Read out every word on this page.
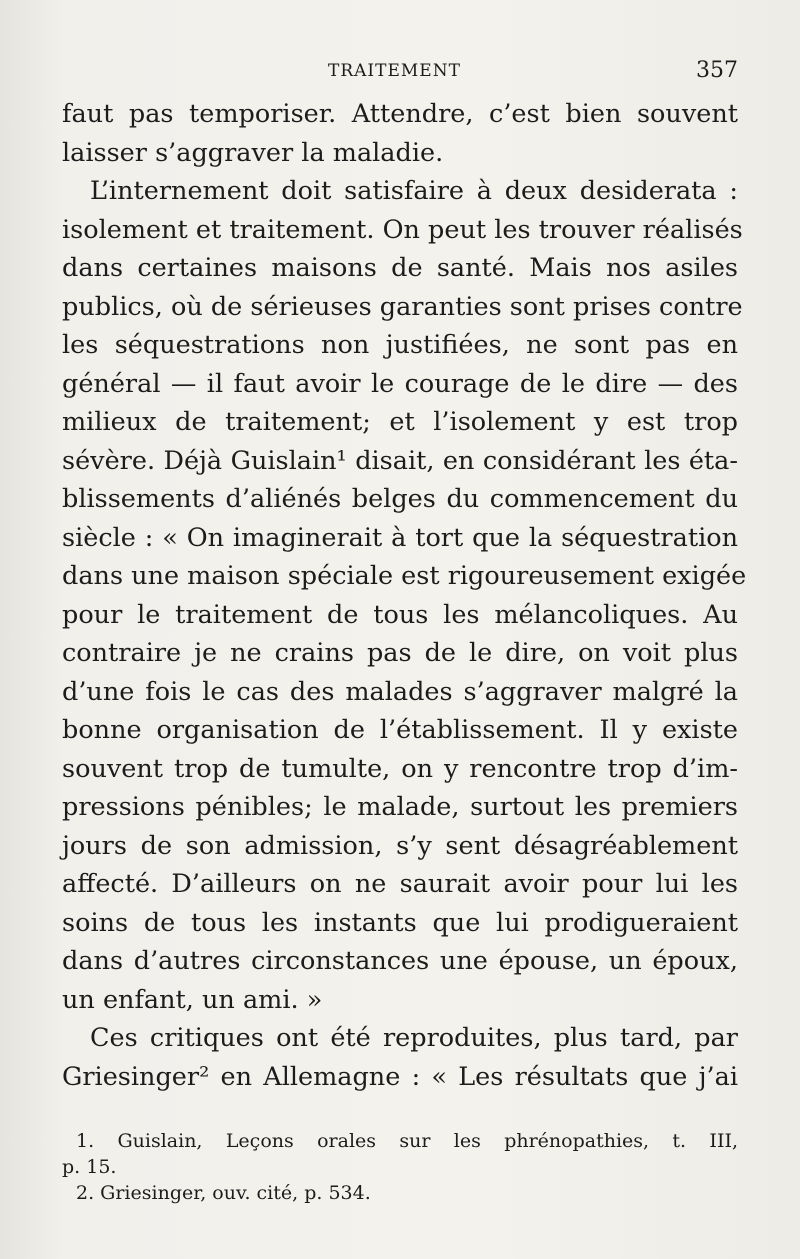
TRAITEMENT	357
faut pas temporiser. Attendre, c’est bien souvent
laisser s’aggraver la maladie.
L’internement doit satisfaire à deux desiderata :
isolement et traitement. On peut les trouver réalisés
dans certaines maisons de santé. Mais nos asiles
publics, où de sérieuses garanties sont prises contre
les séquestrations non justifiées, ne sont pas en
général — il faut avoir le courage de le dire — des
milieux de traitement; et l’isolement y est trop
sévère. Déjà Guislain¹ disait, en considérant les éta-
blissements d’aliénés belges du commencement du
siècle : « On imaginerait à tort que la séquestration
dans une maison spéciale est rigoureusement exigée
pour le traitement de tous les mélancoliques. Au
contraire je ne crains pas de le dire, on voit plus
d’une fois le cas des malades s’aggraver malgré la
bonne organisation de l’établissement. Il y existe
souvent trop de tumulte, on y rencontre trop d’im-
pressions pénibles; le malade, surtout les premiers
jours de son admission, s’y sent désagréablement
affecté. D’ailleurs on ne saurait avoir pour lui les
soins de tous les instants que lui prodigueraient
dans d’autres circonstances une épouse, un époux,
un enfant, un ami. »
Ces critiques ont été reproduites, plus tard, par
Griesinger² en Allemagne : « Les résultats que j’ai
1. Guislain, Leçons orales sur les phrénopathies, t. III,
p. 15.
2. Griesinger, ouv. cité, p. 534.
